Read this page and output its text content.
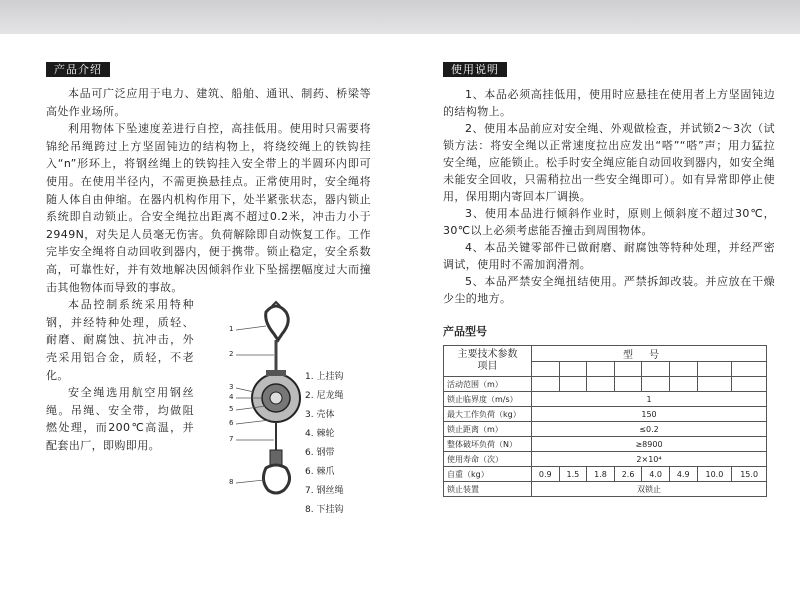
产品介绍

本品可广泛应用于电力、建筑、船舶、通讯、制药、桥梁等高处作业场所。

利用物体下坠速度差进行自控，高挂低用。使用时只需要将锦纶吊绳跨过上方坚固钝边的结构物上，将绕绞绳上的铁钩挂入“n”形环上，将钢丝绳上的铁钩挂入安全带上的半圆环内即可使用。在使用半径内，不需更换悬挂点。正常使用时，安全绳将随人体自由伸缩。在器内机构作用下，处半紧张状态，器内锁止系统即自动锁止。合安全绳拉出距离不超过0.2米，冲击力小于2949N，对失足人员毫无伤害。负荷解除即自动恢复工作。工作完毕安全绳将自动回收到器内，便于携带。锁止稳定，安全系数高，可靠性好，并有效地解决因倾斜作业下坠摇摆幅度过大而撞击其他物体而导致的事故。

本品控制系统采用特种钢，并经特种处理，质轻、耐磨、耐腐蚀、抗冲击，外壳采用铝合金，质轻，不老化。

安全绳选用航空用钢丝绳。吊绳、安全带，均做阻燃处理，而200℃高温，并配套出厂，即购即用。

1
2
3
4
5
6
7
8
1. 上挂钩
2. 尼龙绳
3. 壳体
4. 棘轮
6. 钢带
6. 棘爪
7. 钢丝绳
8. 下挂钩
使用说明

1、本品必须高挂低用，使用时应悬挂在使用者上方坚固钝边的结构物上。

2、使用本品前应对安全绳、外观做检查，并试锁2～3次（试锁方法：将安全绳以正常速度拉出应发出“嗒”“嗒”声；用力猛拉安全绳，应能锁止。松手时安全绳应能自动回收到器内，如安全绳未能安全回收，只需稍拉出一些安全绳即可）。如有异常即停止使用，保用期内寄回本厂调换。

3、使用本品进行倾斜作业时，原则上倾斜度不超过30℃，30℃以上必须考虑能否撞击到周围物体。

4、本品关键零部件已做耐磨、耐腐蚀等特种处理，并经严密调试，使用时不需加润滑剂。

5、本品严禁安全绳扭结使用。严禁拆卸改装。并应放在干燥少尘的地方。

产品型号
主要技术参数
项目	型号							

活动范围（m）								
锁止临界度（m/s）	1							
最大工作负荷（kg）	150							
锁止距离（m）	≤0.2							
整体破坏负荷（N）	≥8900							
使用寿命（次）	2×10⁴							
自重（kg）	0.9	1.5	1.8	2.6	4.0	4.9	10.0	15.0
锁止装置	双锁止							
